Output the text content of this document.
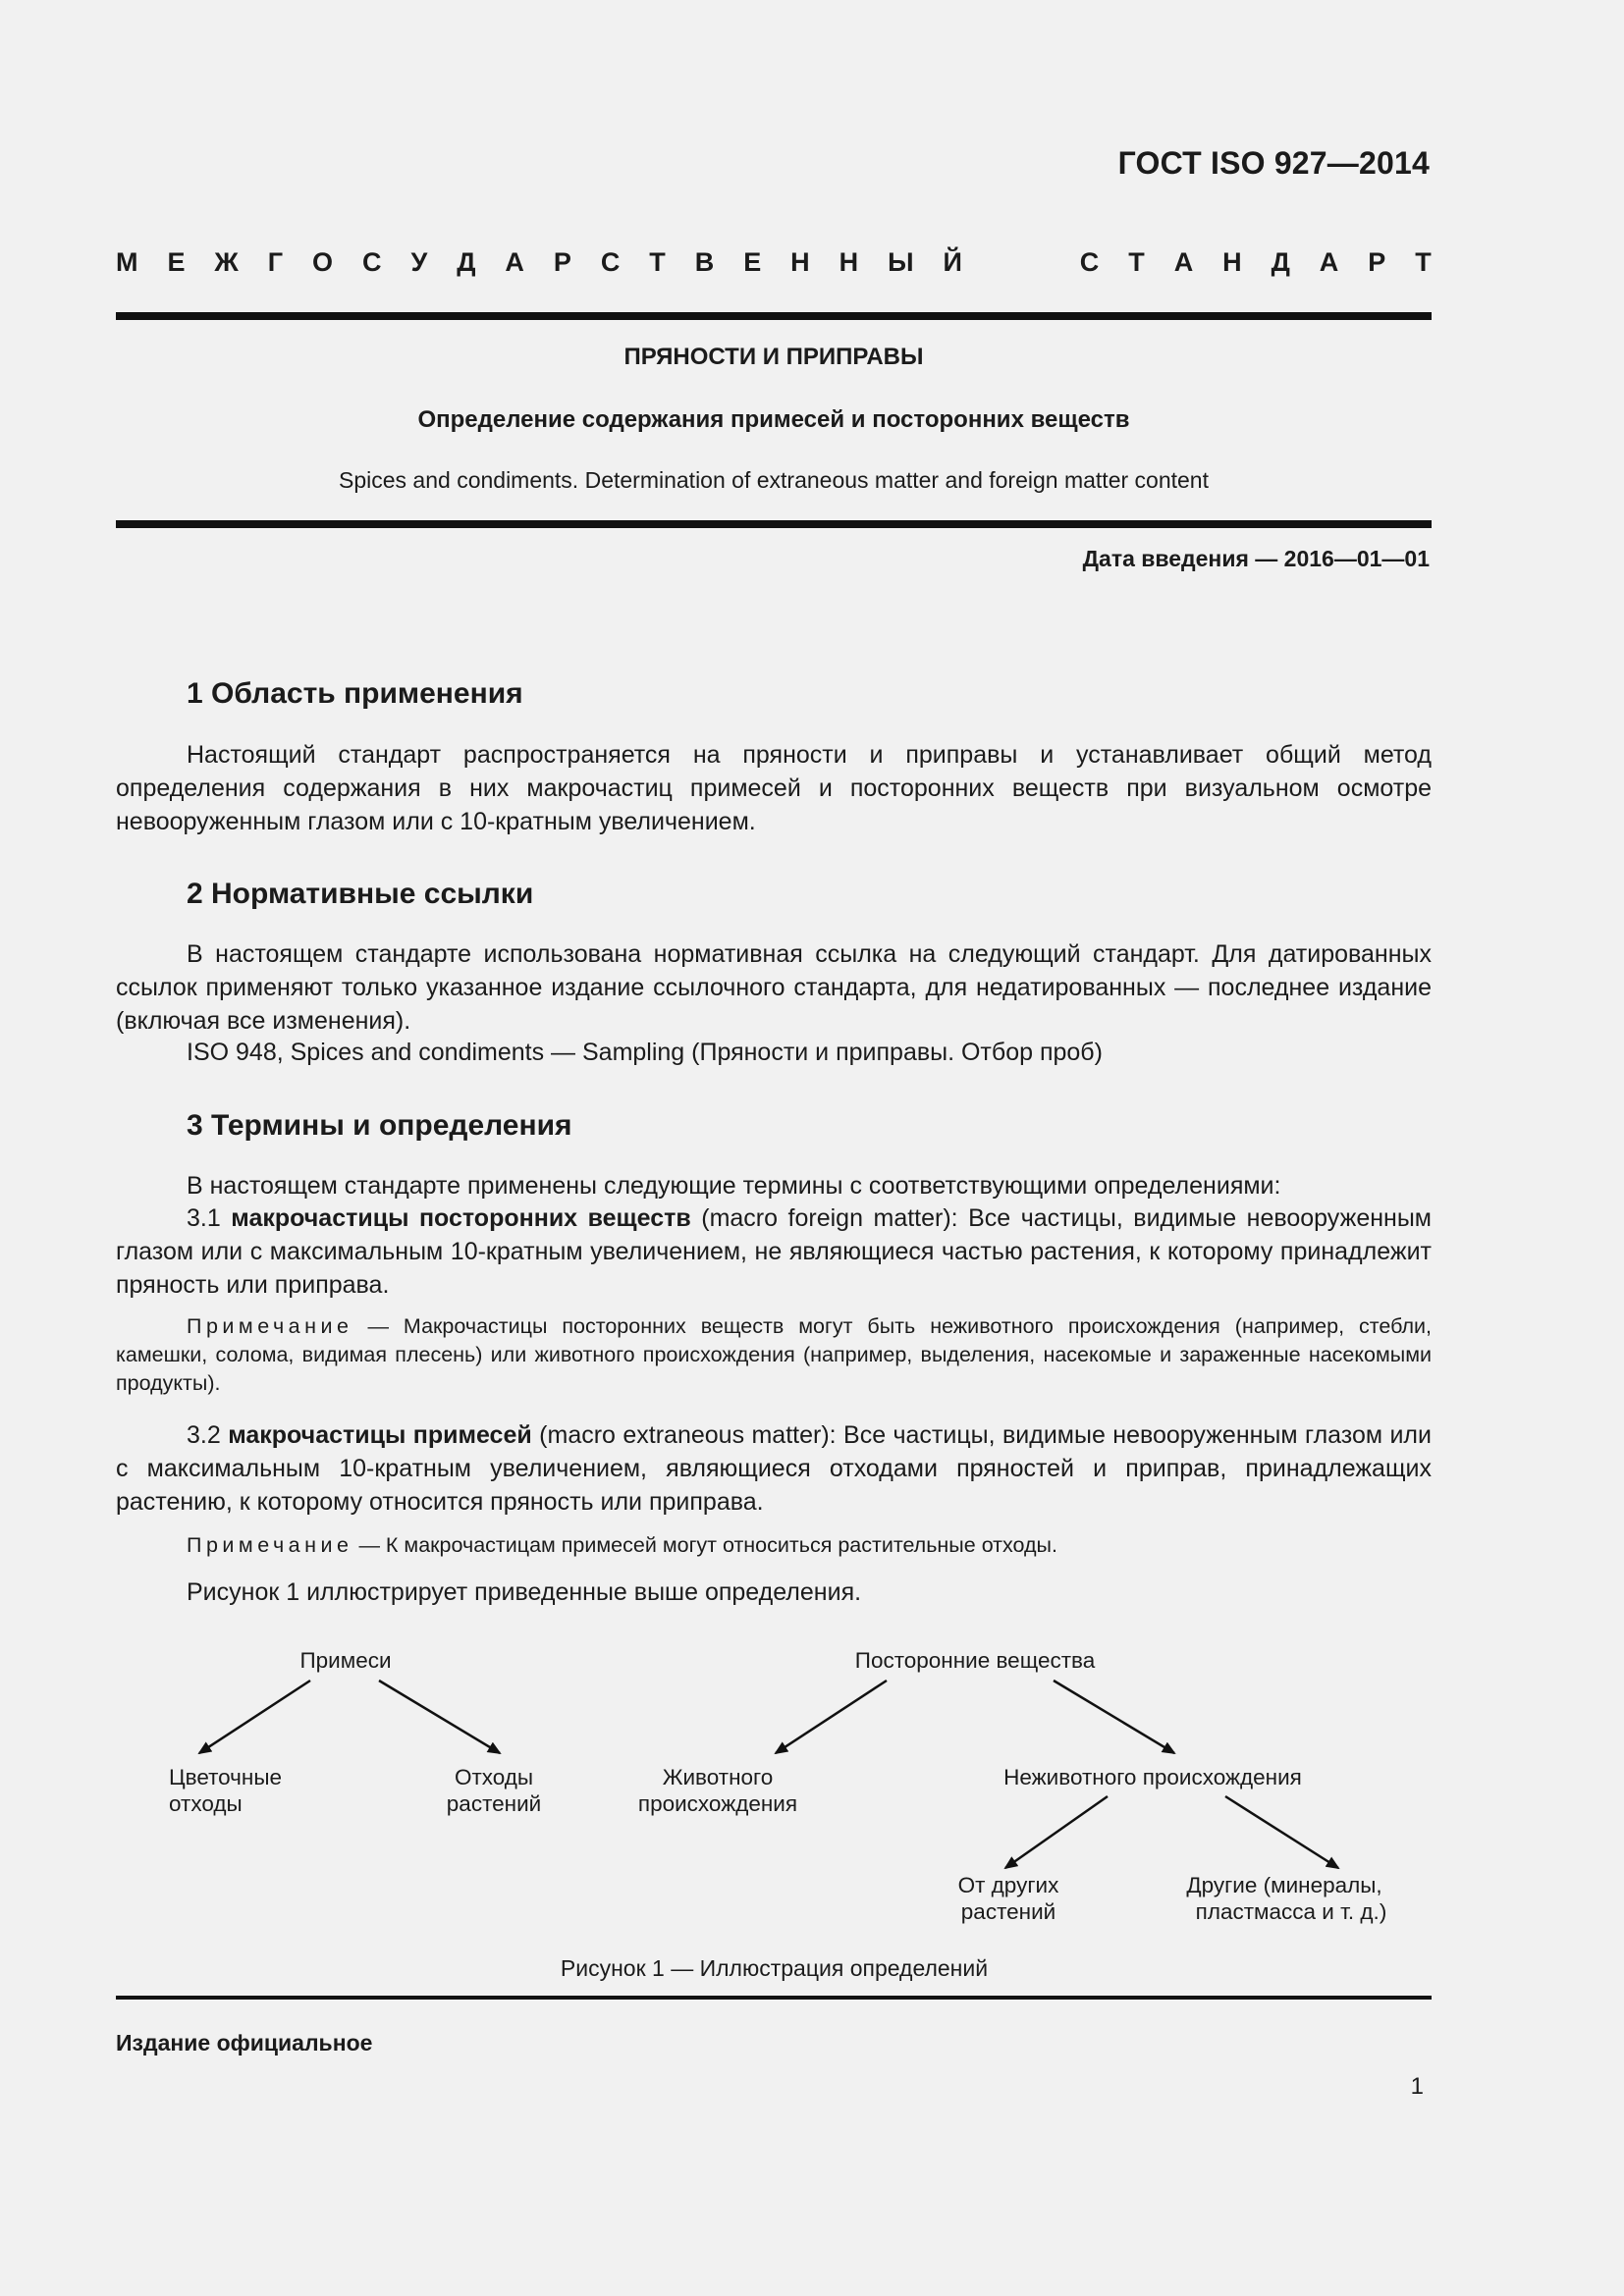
ГОСТ ISO 927—2014
М Е Ж Г О С У Д А Р С Т В Е Н Н Ы Й	С Т А Н Д А Р Т
ПРЯНОСТИ И ПРИПРАВЫ
Определение содержания примесей и посторонних веществ
Spices and condiments. Determination of extraneous matter and foreign matter content
Дата введения — 2016—01—01
1 Область применения

Настоящий стандарт распространяется на пряности и приправы и устанавливает общий метод определения содержания в них макрочастиц примесей и посторонних веществ при визуальном осмотре невооруженным глазом или с 10-кратным увеличением.

2 Нормативные ссылки

В настоящем стандарте использована нормативная ссылка на следующий стандарт. Для датированных ссылок применяют только указанное издание ссылочного стандарта, для недатированных — последнее издание (включая все изменения).

ISO 948, Spices and condiments — Sampling (Пряности и приправы. Отбор проб)
3 Термины и определения
В настоящем стандарте применены следующие термины с соответствующими определениями:

3.1 макрочастицы посторонних веществ (macro foreign matter): Все частицы, видимые невооруженным глазом или с максимальным 10-кратным увеличением, не являющиеся частью растения, к которому принадлежит пряность или приправа.

Примечание — Макрочастицы посторонних веществ могут быть неживотного происхождения (например, стебли, камешки, солома, видимая плесень) или животного происхождения (например, выделения, насекомые и зараженные насекомыми продукты).

3.2 макрочастицы примесей (macro extraneous matter): Все частицы, видимые невооруженным глазом или с максимальным 10-кратным увеличением, являющиеся отходами пряностей и приправ, принадлежащих растению, к которому относится пряность или приправа.

Примечание — К макрочастицам примесей могут относиться растительные отходы.

Рисунок 1 иллюстрирует приведенные выше определения.
Примеси
Цветочные отходы
Отходы растений
Посторонние вещества
Животного происхождения
Неживотного происхождения
От других растений
Другие (минералы, пластмасса и т. д.)
Рисунок 1 — Иллюстрация определений
Издание официальное
1
